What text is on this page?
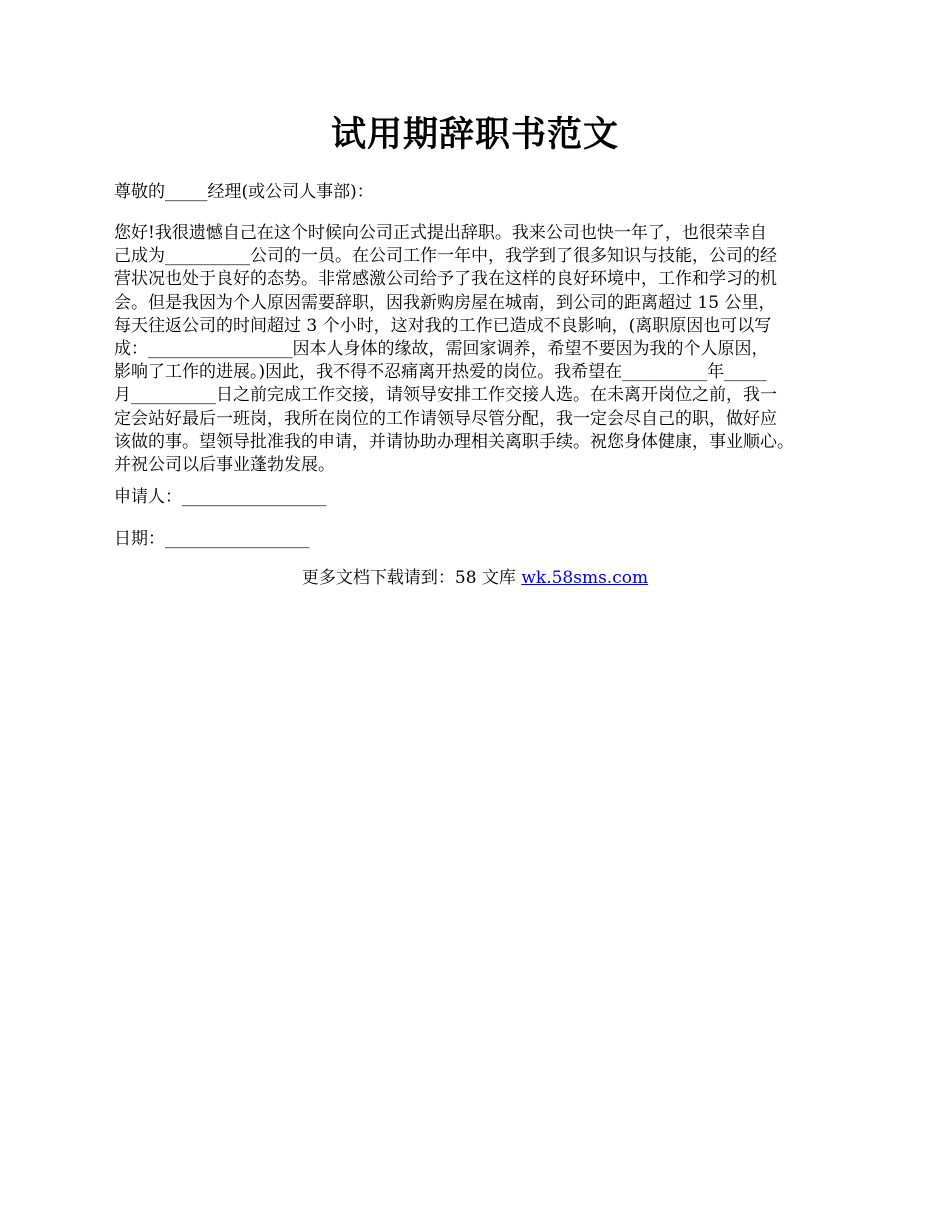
试用期辞职书范文
尊敬的_____经理(或公司人事部)：
您好!我很遗憾自己在这个时候向公司正式提出辞职。我来公司也快一年了，也很荣幸自
己成为__________公司的一员。在公司工作一年中，我学到了很多知识与技能，公司的经
营状况也处于良好的态势。非常感激公司给予了我在这样的良好环境中，工作和学习的机
会。但是我因为个人原因需要辞职，因我新购房屋在城南，到公司的距离超过 15 公里，
每天往返公司的时间超过 3 个小时，这对我的工作已造成不良影响，(离职原因也可以写
成：_________________因本人身体的缘故，需回家调养，希望不要因为我的个人原因，
影响了工作的进展。)因此，我不得不忍痛离开热爱的岗位。我希望在__________年_____
月__________日之前完成工作交接，请领导安排工作交接人选。在未离开岗位之前，我一
定会站好最后一班岗，我所在岗位的工作请领导尽管分配，我一定会尽自己的职，做好应
该做的事。望领导批准我的申请，并请协助办理相关离职手续。祝您身体健康，事业顺心。
并祝公司以后事业蓬勃发展。
申请人：_________________
日期：_________________
更多文档下载请到：58 文库 wk.58sms.com
